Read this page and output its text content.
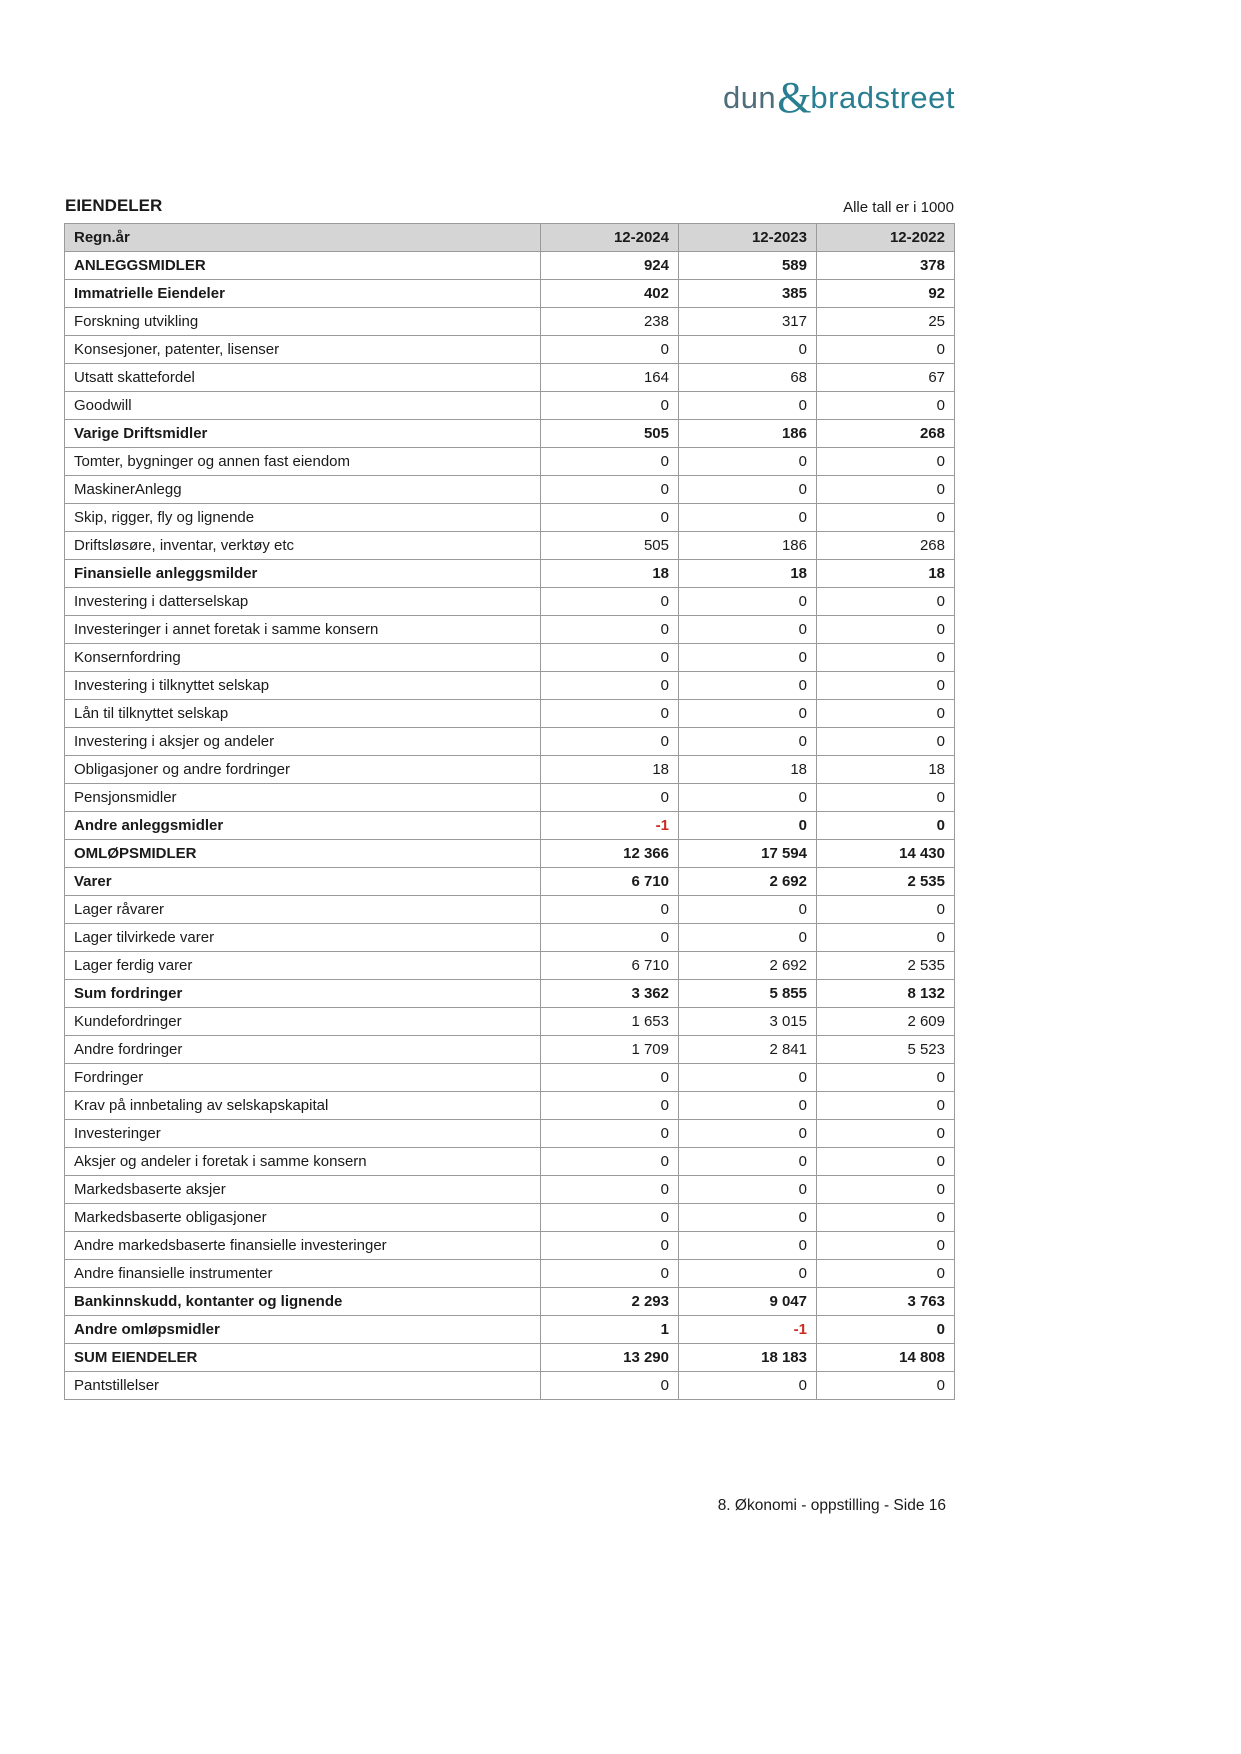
dun&bradstreet
EIENDELER	Alle tall er i 1000
Regn.år	12-2024	12-2023	12-2022
ANLEGGSMIDLER	924	589	378
Immatrielle Eiendeler	402	385	92
Forskning utvikling	238	317	25
Konsesjoner, patenter, lisenser	0	0	0
Utsatt skattefordel	164	68	67
Goodwill	0	0	0
Varige Driftsmidler	505	186	268
Tomter, bygninger og annen fast eiendom	0	0	0
MaskinerAnlegg	0	0	0
Skip, rigger, fly og lignende	0	0	0
Driftsløsøre, inventar, verktøy etc	505	186	268
Finansielle anleggsmilder	18	18	18
Investering i datterselskap	0	0	0
Investeringer i annet foretak i samme konsern	0	0	0
Konsernfordring	0	0	0
Investering i tilknyttet selskap	0	0	0
Lån til tilknyttet selskap	0	0	0
Investering i aksjer og andeler	0	0	0
Obligasjoner og andre fordringer	18	18	18
Pensjonsmidler	0	0	0
Andre anleggsmidler	-1	0	0
OMLØPSMIDLER	12 366	17 594	14 430
Varer	6 710	2 692	2 535
Lager råvarer	0	0	0
Lager tilvirkede varer	0	0	0
Lager ferdig varer	6 710	2 692	2 535
Sum fordringer	3 362	5 855	8 132
Kundefordringer	1 653	3 015	2 609
Andre fordringer	1 709	2 841	5 523
Fordringer	0	0	0
Krav på innbetaling av selskapskapital	0	0	0
Investeringer	0	0	0
Aksjer og andeler i foretak i samme konsern	0	0	0
Markedsbaserte aksjer	0	0	0
Markedsbaserte obligasjoner	0	0	0
Andre markedsbaserte finansielle investeringer	0	0	0
Andre finansielle instrumenter	0	0	0
Bankinnskudd, kontanter og lignende	2 293	9 047	3 763
Andre omløpsmidler	1	-1	0
SUM EIENDELER	13 290	18 183	14 808
Pantstillelser	0	0	0
8. Økonomi - oppstilling - Side 16
